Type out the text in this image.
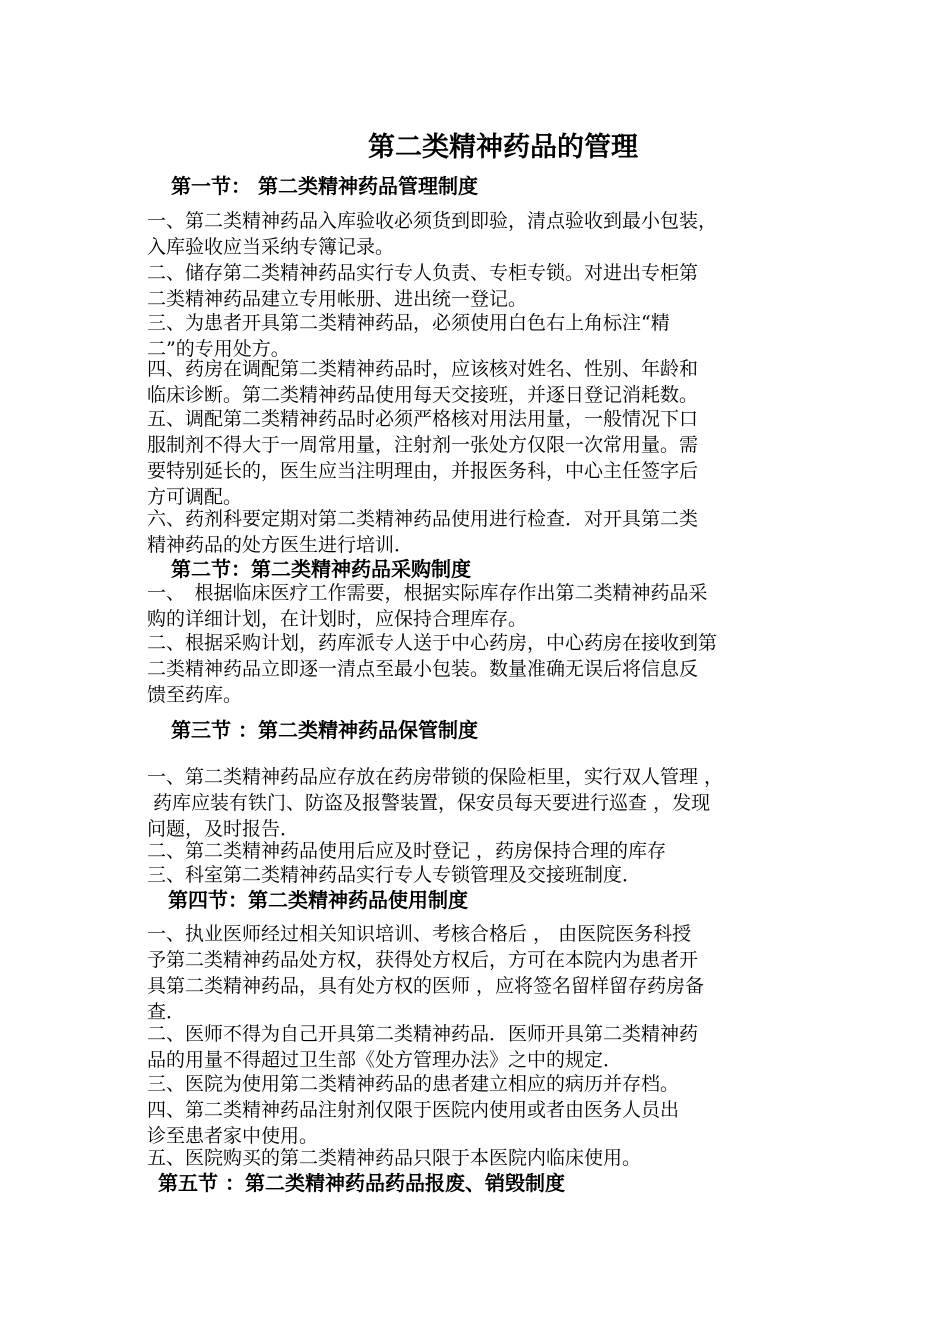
第二类精神药品的管理
第一节： 第二类精神药品管理制度
一、第二类精神药品入库验收必须货到即验，清点验收到最小包装，
入库验收应当采纳专簿记录。
二、储存第二类精神药品实行专人负责、专柜专锁。对进出专柜第
二类精神药品建立专用帐册、进出统一登记。
三、为患者开具第二类精神药品，必须使用白色右上角标注“精
二”的专用处方。
四、药房在调配第二类精神药品时，应该核对姓名、性别、年龄和
临床诊断。第二类精神药品使用每天交接班，并逐日登记消耗数。
五、调配第二类精神药品时必须严格核对用法用量，一般情况下口
服制剂不得大于一周常用量，注射剂一张处方仅限一次常用量。需
要特别延长的，医生应当注明理由，并报医务科，中心主任签字后
方可调配。
六、药剂科要定期对第二类精神药品使用进行检查．对开具第二类
精神药品的处方医生进行培训．
第二节：第二类精神药品采购制度
一、　根据临床医疗工作需要，根据实际库存作出第二类精神药品采
购的详细计划，在计划时，应保持合理库存。
二、根据采购计划，药库派专人送于中心药房，中心药房在接收到第
二类精神药品立即逐一清点至最小包装。数量准确无误后将信息反
馈至药库。
第三节 ：第二类精神药品保管制度
一、第二类精神药品应存放在药房带锁的保险柜里，实行双人管理 ，
药库应装有铁门、防盗及报警装置，保安员每天要进行巡查 ，发现
问题，及时报告．
二、第二类精神药品使用后应及时登记 ，药房保持合理的库存
三、科室第二类精神药品实行专人专锁管理及交接班制度．
第四节：第二类精神药品使用制度
一、执业医师经过相关知识培训、考核合格后 ， 由医院医务科授
予第二类精神药品处方权，获得处方权后，方可在本院内为患者开
具第二类精神药品，具有处方权的医师 ，应将签名留样留存药房备
查．
二、医师不得为自己开具第二类精神药品．医师开具第二类精神药
品的用量不得超过卫生部《处方管理办法》之中的规定．
三、医院为使用第二类精神药品的患者建立相应的病历并存档。
四、第二类精神药品注射剂仅限于医院内使用或者由医务人员出
诊至患者家中使用。
五、医院购买的第二类精神药品只限于本医院内临床使用。
第五节 ：第二类精神药品药品报废、销毁制度
